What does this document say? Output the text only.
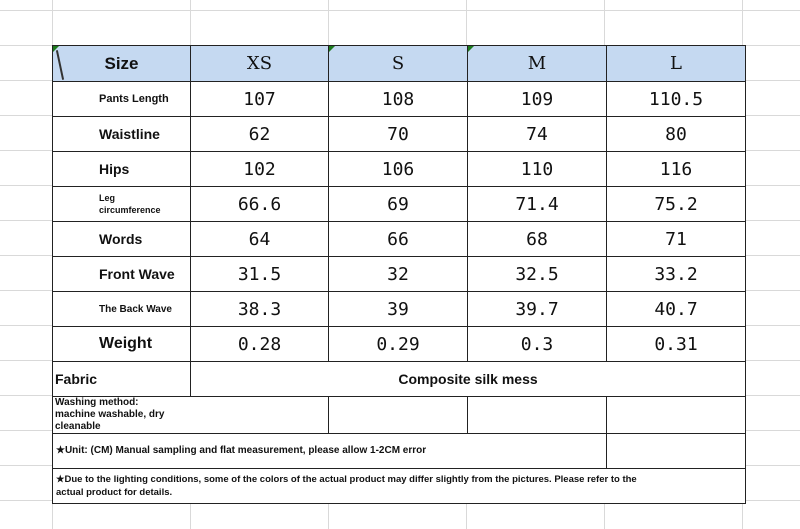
Size	XS	S	M	L
Pants Length	107	108	109	110.5
Waistline	62	70	74	80
Hips	102	106	110	116
Leg circumference	66.6	69	71.4	75.2
Words	64	66	68	71
Front Wave	31.5	32	32.5	33.2
The Back Wave	38.3	39	39.7	40.7
Weight	0.28	0.29	0.3	0.31
Fabric	Composite silk mess			
Washing method: machine washable, dry cleanable				
★Unit: (CM) Manual sampling and flat measurement, please allow 1-2CM error				
★Due to the lighting conditions, some of the colors of the actual product may differ slightly from the pictures. Please refer to the actual product for details.				
